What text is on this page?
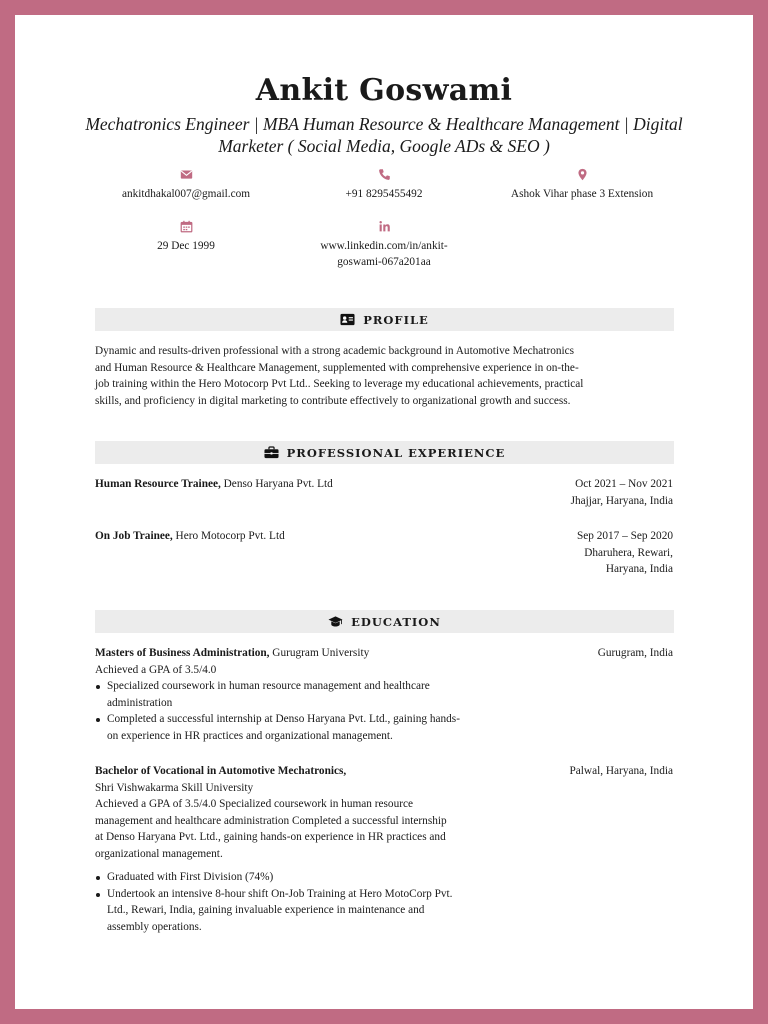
Ankit Goswami
Mechatronics Engineer | MBA Human Resource & Healthcare Management | Digital Marketer ( Social Media, Google ADs & SEO )
ankitdhakal007@gmail.com	+91 8295455492	Ashok Vihar phase 3 Extension
29 Dec 1999	www.linkedin.com/in/ankit-
goswami-067a201aa
PROFILE
Dynamic and results-driven professional with a strong academic background in Automotive Mechatronics
and Human Resource & Healthcare Management, supplemented with comprehensive experience in on-the-
job training within the Hero Motocorp Pvt Ltd.. Seeking to leverage my educational achievements, practical
skills, and proficiency in digital marketing to contribute effectively to organizational growth and success.
PROFESSIONAL EXPERIENCE
Human Resource Trainee, Denso Haryana Pvt. Ltd	Oct 2021 – Nov 2021
Jhajjar, Haryana, India
On Job Trainee, Hero Motocorp Pvt. Ltd	Sep 2017 – Sep 2020
Dharuhera, Rewari,
Haryana, India
EDUCATION
Masters of Business Administration, Gurugram University	Gurugram, India
Achieved a GPA of 3.5/4.0
Specialized coursework in human resource management and healthcare
administration
Completed a successful internship at Denso Haryana Pvt. Ltd., gaining hands-
on experience in HR practices and organizational management.
Bachelor of Vocational in Automotive Mechatronics,	Palwal, Haryana, India
Shri Vishwakarma Skill University
Achieved a GPA of 3.5/4.0 Specialized coursework in human resource
management and healthcare administration Completed a successful internship
at Denso Haryana Pvt. Ltd., gaining hands-on experience in HR practices and
organizational management.
Graduated with First Division (74%)
Undertook an intensive 8-hour shift On-Job Training at Hero MotoCorp Pvt.
Ltd., Rewari, India, gaining invaluable experience in maintenance and
assembly operations.
